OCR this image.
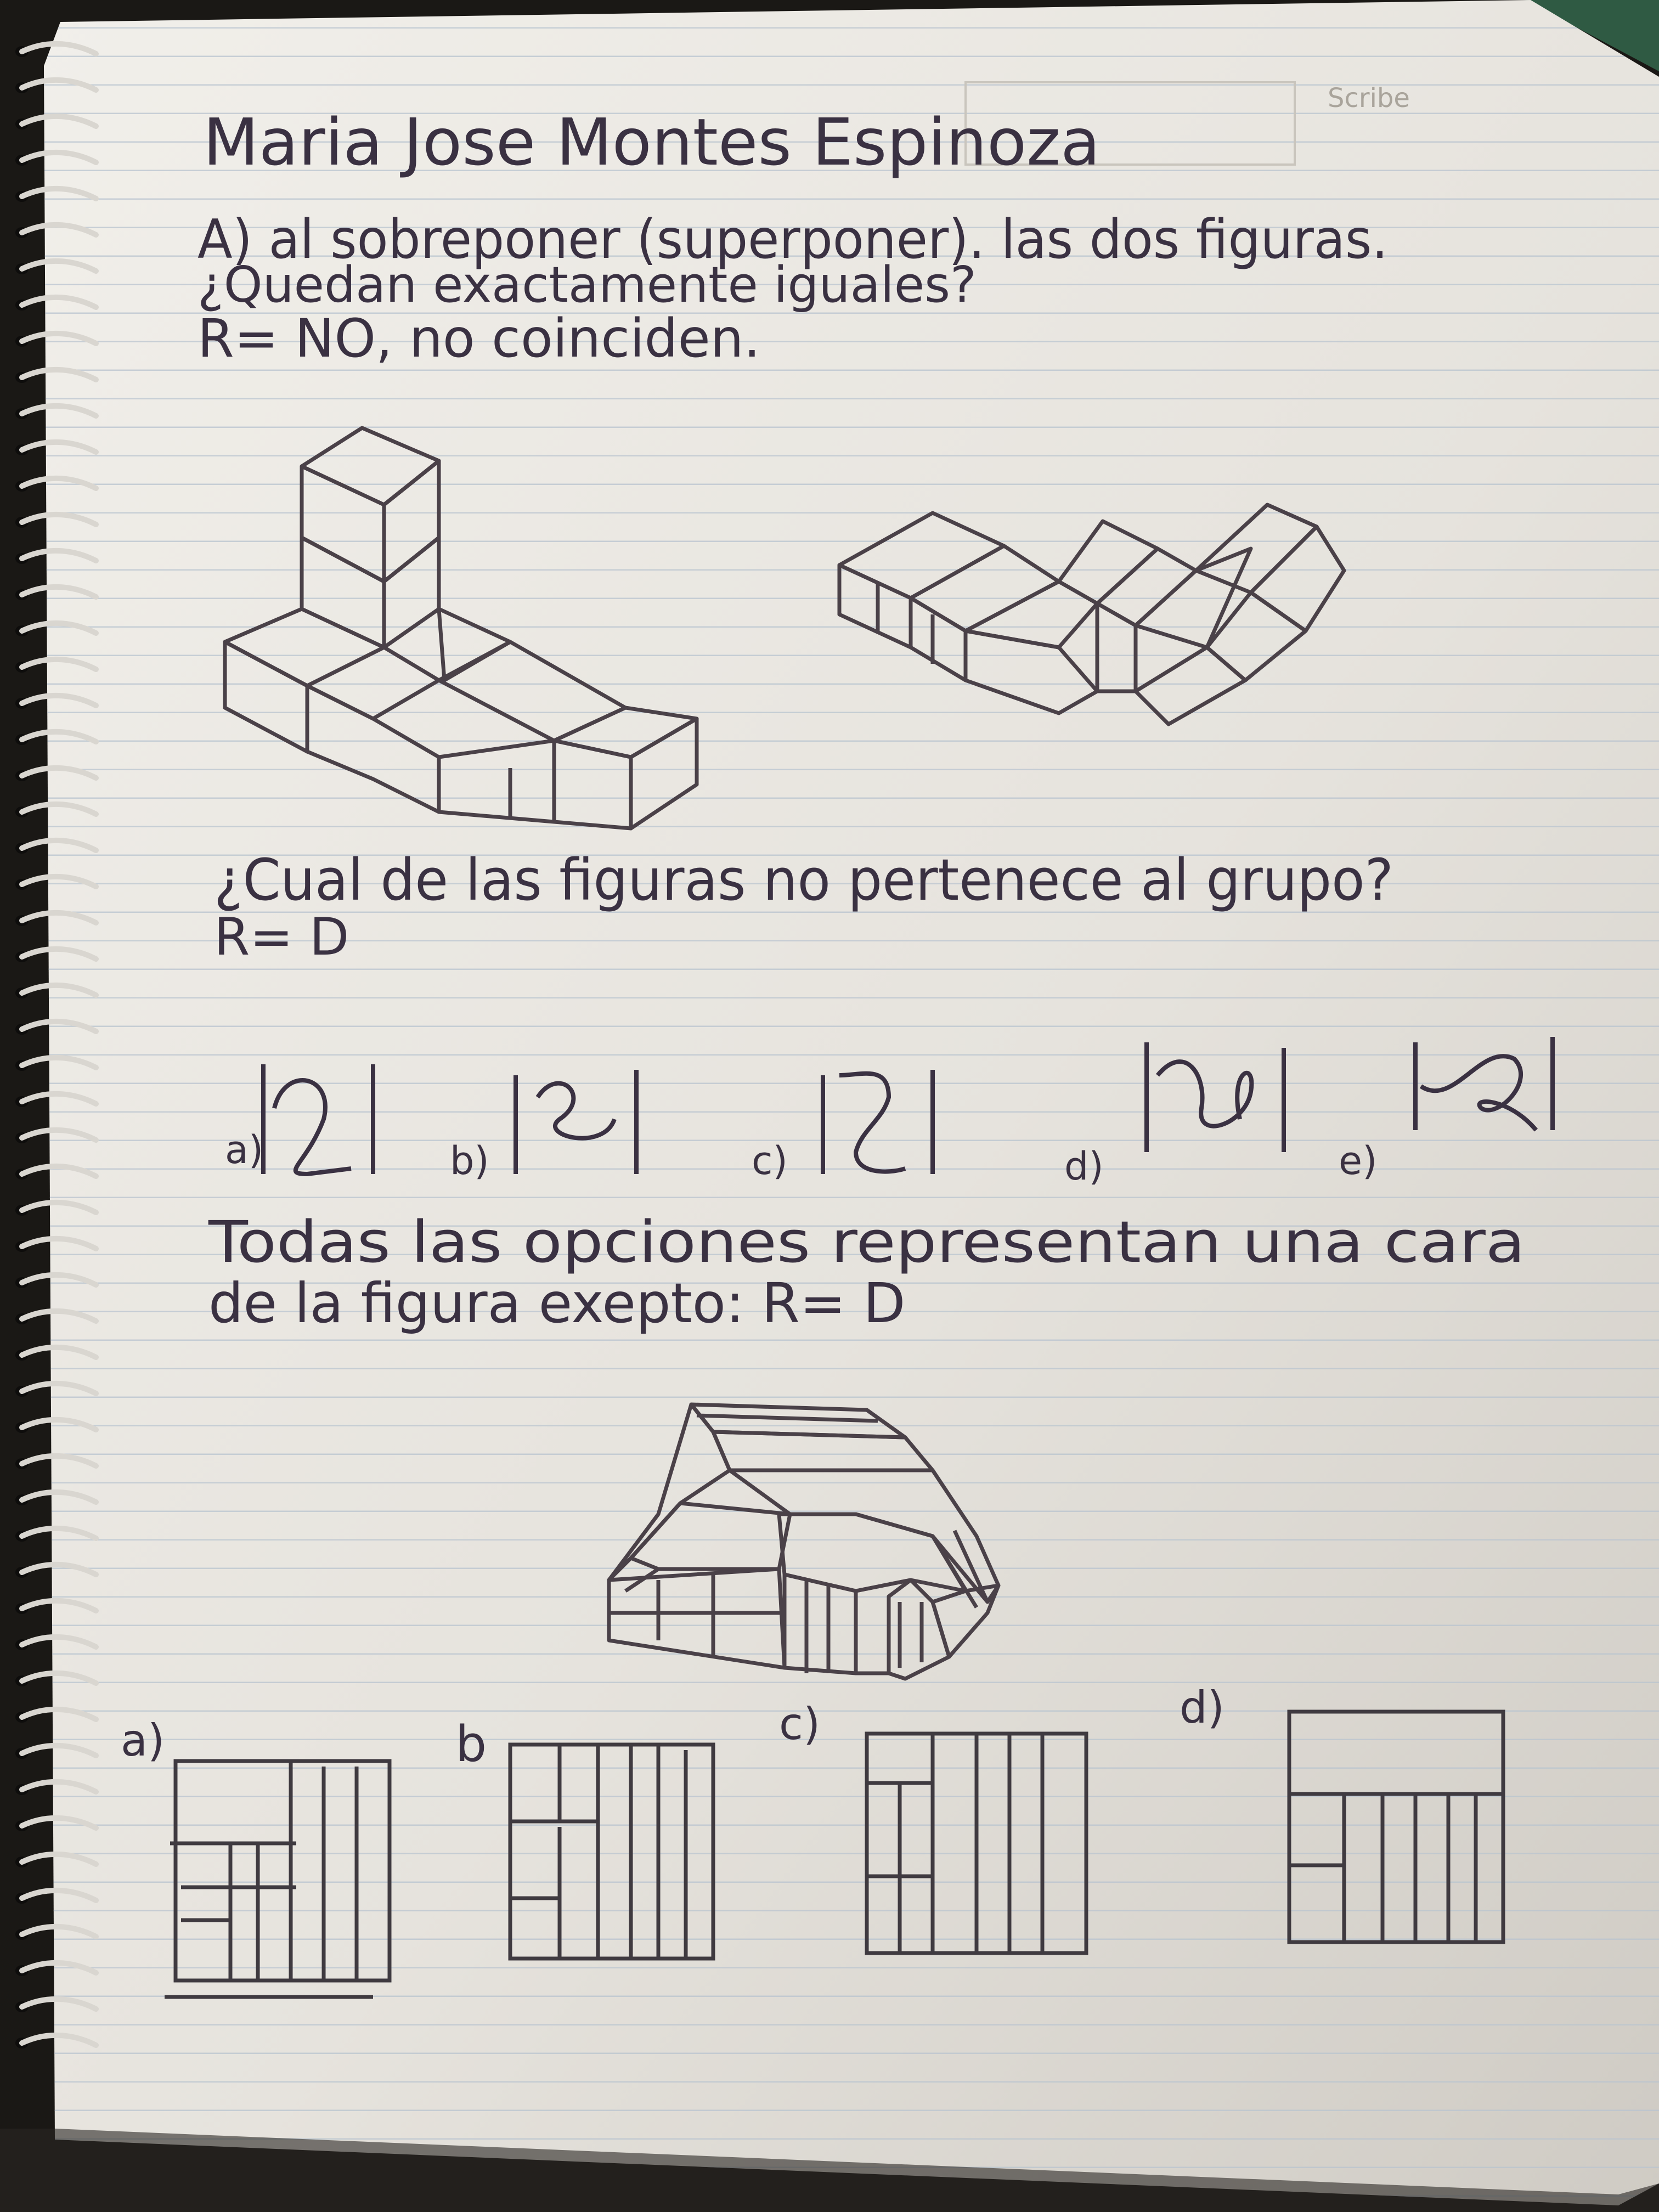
Scribe
Maria Jose Montes Espinoza
A) al sobreponer (superponer). las dos figuras.
¿Quedan exactamente iguales?
R= NO, no coinciden.
¿Cual de las figuras no pertenece al grupo?
R= D
a)	b)	c)	d)	e)
Todas las opciones representan una cara
de la figura exepto: R= D
a)	b	c)	d)
